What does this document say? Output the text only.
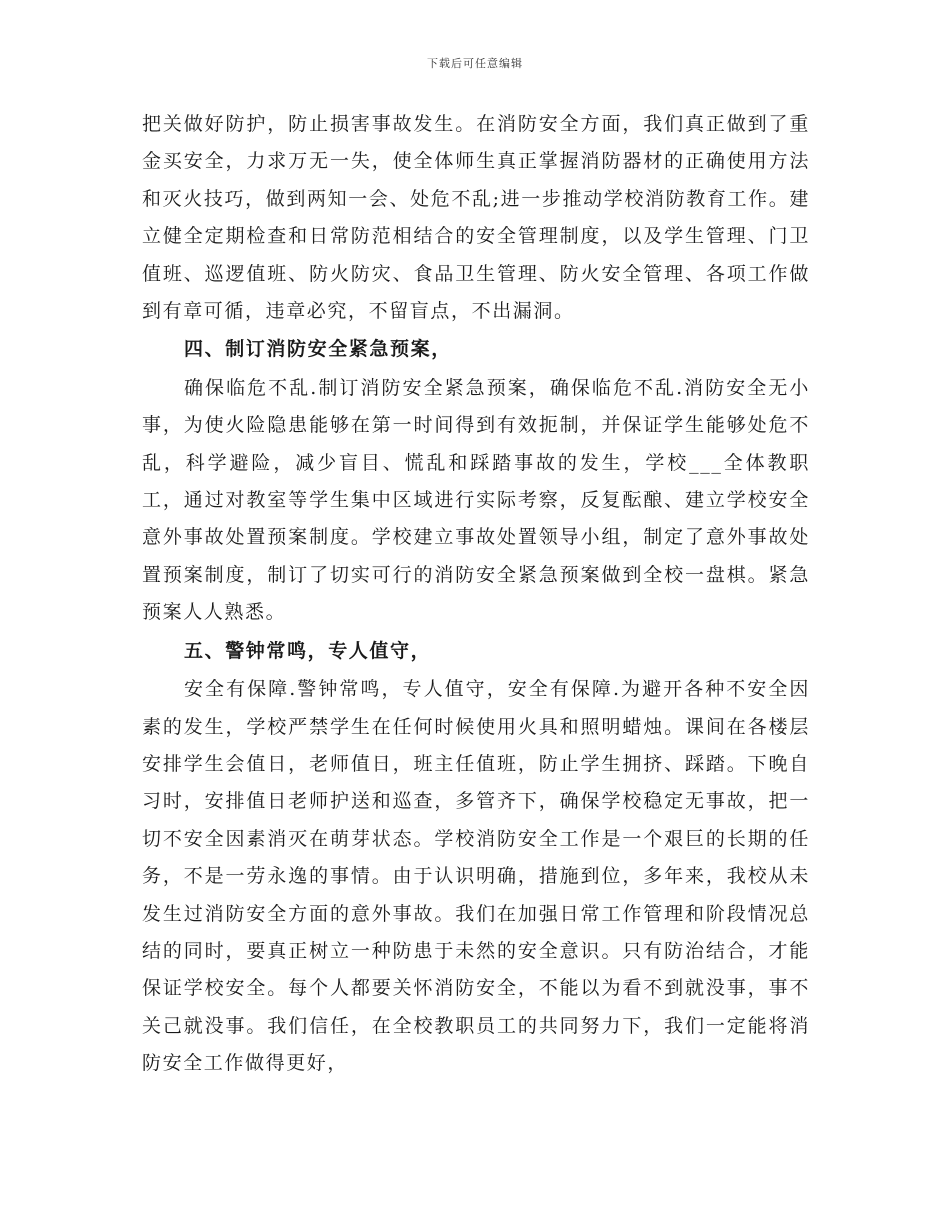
下载后可任意编辑

把关做好防护，防止损害事故发生。在消防安全方面，我们真正做到了重金买安全，力求万无一失，使全体师生真正掌握消防器材的正确使用方法和灭火技巧，做到两知一会、处危不乱;进一步推动学校消防教育工作。建立健全定期检查和日常防范相结合的安全管理制度，以及学生管理、门卫值班、巡逻值班、防火防灾、食品卫生管理、防火安全管理、各项工作做到有章可循，违章必究，不留盲点，不出漏洞。

四、制订消防安全紧急预案，

确保临危不乱.制订消防安全紧急预案，确保临危不乱.消防安全无小事，为使火险隐患能够在第一时间得到有效扼制，并保证学生能够处危不乱，科学避险，减少盲目、慌乱和踩踏事故的发生，学校___全体教职工，通过对教室等学生集中区域进行实际考察，反复酝酿、建立学校安全意外事故处置预案制度。学校建立事故处置领导小组，制定了意外事故处置预案制度，制订了切实可行的消防安全紧急预案做到全校一盘棋。紧急预案人人熟悉。

五、警钟常鸣，专人值守，

安全有保障.警钟常鸣，专人值守，安全有保障.为避开各种不安全因素的发生，学校严禁学生在任何时候使用火具和照明蜡烛。课间在各楼层安排学生会值日，老师值日，班主任值班，防止学生拥挤、踩踏。下晚自习时，安排值日老师护送和巡查，多管齐下，确保学校稳定无事故，把一切不安全因素消灭在萌芽状态。学校消防安全工作是一个艰巨的长期的任务，不是一劳永逸的事情。由于认识明确，措施到位，多年来，我校从未发生过消防安全方面的意外事故。我们在加强日常工作管理和阶段情况总结的同时，要真正树立一种防患于未然的安全意识。只有防治结合，才能保证学校安全。每个人都要关怀消防安全，不能以为看不到就没事，事不关己就没事。我们信任，在全校教职员工的共同努力下，我们一定能将消防安全工作做得更好，
